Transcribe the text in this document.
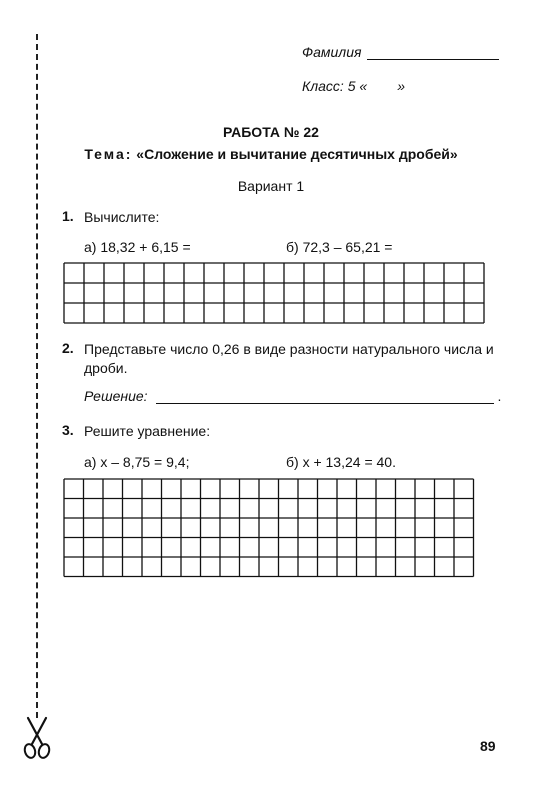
Фамилия
Класс: 5 « »
РАБОТА № 22
Тема: «Сложение и вычитание десятичных дробей»
Вариант 1
1. Вычислите:
а) 18,32 + 6,15 =	б) 72,3 – 65,21 =
2. Представьте число 0,26 в виде разности натурального числа и дроби.
Решение:	.
3. Решите уравнение:
а) x – 8,75 = 9,4;	б) x + 13,24 = 40.
89
